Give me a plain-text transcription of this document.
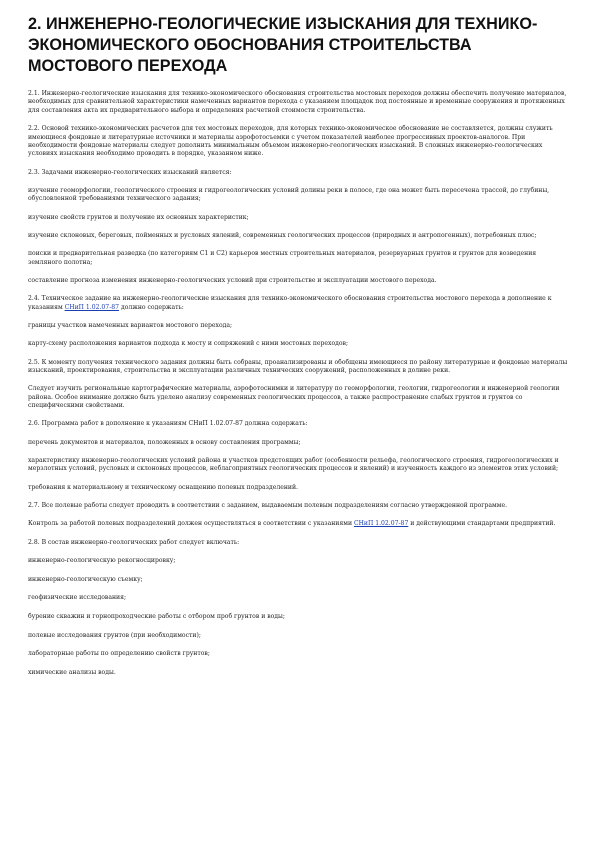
2. ИНЖЕНЕРНО-ГЕОЛОГИЧЕСКИЕ ИЗЫСКАНИЯ ДЛЯ ТЕХНИКО-ЭКОНОМИЧЕСКОГО ОБОСНОВАНИЯ СТРОИТЕЛЬСТВА МОСТОВОГО ПЕРЕХОДА

2.1. Инженерно-геологические изыскания для технико-экономического обоснования строительства мостовых переходов должны обеспечить получение материалов, необходимых для сравнительной характеристики намеченных вариантов перехода с указанием площадок под постоянные и временные сооружения и протяженных для составления акта их предварительного выбора и определения расчетной стоимости строительства.

2.2. Основой технико-экономических расчетов для тех мостовых переходов, для которых технико-экономическое обоснование не составляется, должны служить имеющиеся фондовые и литературные источники и материалы аэрофотосъемки с учетом показателей наиболее прогрессивных проектов-аналогов. При необходимости фондовые материалы следует дополнить минимальным объемом инженерно-геологических изысканий. В сложных инженерно-геологических условиях изыскания необходимо проводить в порядке, указанном ниже.

2.3. Задачами инженерно-геологических изысканий является:

изучение геоморфологии, геологического строения и гидрогеологических условий долины реки в полосе, где она может быть пересечена трассой, до глубины, обусловленной требованиями технического задания;

изучение свойств грунтов и получение их основных характеристик;

изучение склоновых, береговых, пойменных и русловых явлений, современных геологических процессов (природных и антропогенных), потребовных плюс;

поиски и предварительная разведка (по категориям С1 и С2) карьеров местных строительных материалов, резервуарных грунтов и грунтов для возведения земляного полотна;

составление прогноза изменения инженерно-геологических условий при строительстве и эксплуатации мостового перехода.

2.4. Техническое задание на инженерно-геологические изыскания для технико-экономического обоснования строительства мостового перехода в дополнение к указаниям СНиП 1.02.07-87 должно содержать:

границы участков намеченных вариантов мостового перехода;

карту-схему расположения вариантов подхода к мосту и сопряжений с ними мостовых переходов;

2.5. К моменту получения технического задания должны быть собраны, проанализированы и обобщены имеющиеся по району литературные и фондовые материалы изысканий, проектирования, строительства и эксплуатации различных технических сооружений, расположенных в долине реки.

Следует изучить региональные картографические материалы, аэрофотоснимки и литературу по геоморфологии, геологии, гидрогеологии и инженерной геологии района. Особое внимание должно быть уделено анализу современных геологических процессов, а также распространение слабых грунтов и грунтов со специфическими свойствами.

2.6. Программа работ в дополнение к указаниям СНиП 1.02.07-87 должна содержать:

перечень документов и материалов, положенных в основу составления программы;

характеристику инженерно-геологических условий района и участков предстоящих работ (особенности рельефа, геологического строения, гидрогеологических и мерзлотных условий, русловых и склоновых процессов, неблагоприятных геологических процессов и явлений) и изученность каждого из элементов этих условий;

требования к материальному и техническому оснащению полевых подразделений.

2.7. Все полевые работы следует проводить в соответствии с заданием, выдаваемым полевым подразделениям согласно утвержденной программе.

Контроль за работой полевых подразделений должен осуществляться в соответствии с указаниями СНиП 1.02.07-87 и действующими стандартами предприятий.

2.8. В состав инженерно-геологических работ следует включать:

инженерно-геологическую рекогносцировку;

инженерно-геологическую съемку;

геофизические исследования;

бурение скважин и горнопроходческие работы с отбором проб грунтов и воды;

полевые исследования грунтов (при необходимости);

лабораторные работы по определению свойств грунтов;

химические анализы воды.
